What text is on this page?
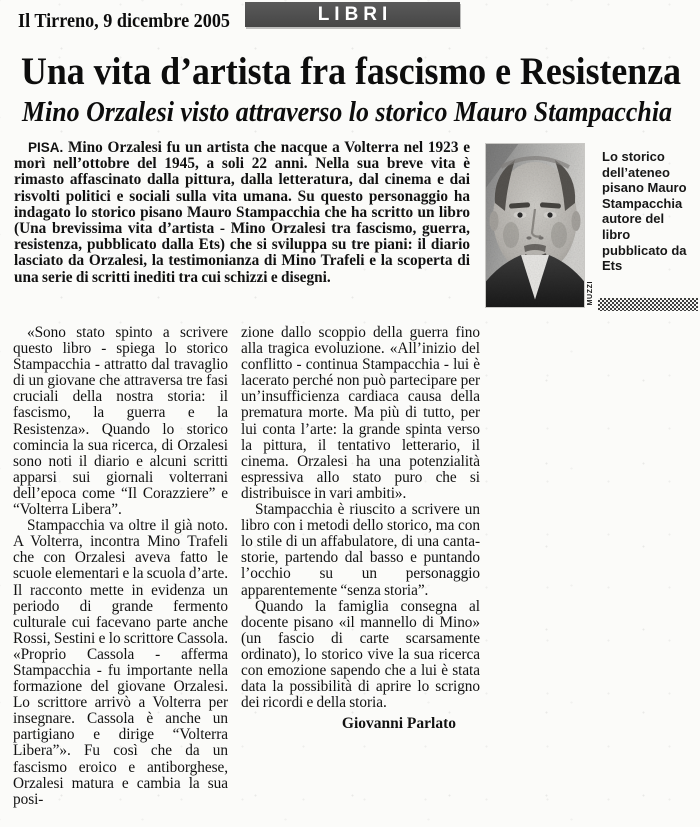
Il Tirreno, 9 dicembre 2005	LIBRI
Una vita d’artista fra fascismo e Resistenza
Mino Orzalesi visto attraverso lo storico Mauro Stampacchia

PISA. Mino Orzalesi fu un artista che nacque a Volterra nel 1923 e morì nell’ottobre del 1945, a soli 22 anni. Nella sua breve vita è rimasto affascinato dalla pittura, dalla letteratura, dal cinema e dai risvolti politici e sociali sulla vita umana. Su questo personaggio ha indagato lo storico pisano Mauro Stampacchia che ha scritto un libro (Una brevissima vita d’artista - Mino Orzalesi tra fascismo, guerra, resistenza, pubblicato dalla Ets) che si sviluppa su tre piani: il diario lasciato da Orzalesi, la testimonianza di Mino Trafeli e la scoperta di una serie di scritti inediti tra cui schizzi e disegni.

MUZZI
Lo storico dell’ateneo pisano Mauro Stampacchia autore del libro pubblicato da Ets

«Sono stato spinto a scrivere questo libro - spiega lo storico Stampacchia - attratto dal travaglio di un giovane che attraversa tre fasi cruciali della nostra storia: il fascismo, la guerra e la Resistenza». Quando lo storico comincia la sua ricerca, di Orzalesi sono noti il diario e alcuni scritti apparsi sui giornali volterrani dell’epoca come “Il Corazziere” e “Volterra Libera”.

Stampacchia va oltre il già noto. A Volterra, incontra Mino Trafeli che con Orzalesi aveva fatto le scuole elementari e la scuola d’arte. Il racconto mette in evidenza un periodo di grande fermento culturale cui facevano parte anche Rossi, Sestini e lo scrittore Cassola. «Proprio Cassola - afferma Stampacchia - fu importante nella formazione del giovane Orzalesi. Lo scrittore arrivò a Volterra per insegnare. Cassola è anche un partigiano e dirige “Volterra Libera”». Fu così che da un fascismo eroico e antiborghese, Orzalesi matura e cambia la sua posi-

zione dallo scoppio della guerra fino alla tragica evoluzione. «All’inizio del conflitto - continua Stampacchia - lui è lacerato perché non può partecipare per un’insufficienza cardiaca causa della prematura morte. Ma più di tutto, per lui conta l’arte: la grande spinta verso la pittura, il tentativo letterario, il cinema. Orzalesi ha una potenzialità espressiva allo stato puro che si distribuisce in vari ambiti».

Stampacchia è riuscito a scrivere un libro con i metodi dello storico, ma con lo stile di un affabulatore, di una canta-storie, partendo dal basso e puntando l’occhio su un personaggio apparentemente “senza storia”.

Quando la famiglia consegna al docente pisano «il mannello di Mino» (un fascio di carte scarsamente ordinato), lo storico vive la sua ricerca con emozione sapendo che a lui è stata data la possibilità di aprire lo scrigno dei ricordi e della storia.

Giovanni Parlato
